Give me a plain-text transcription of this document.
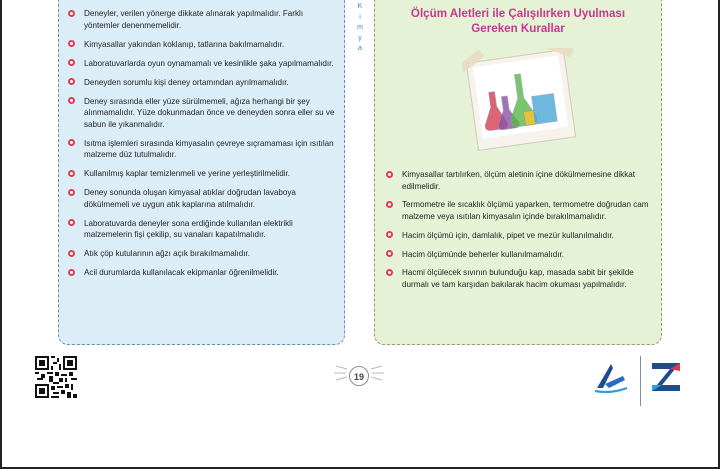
Deneyler, verilen yönerge dikkate alınarak yapılmalıdır. Farklı yöntemler denenmemelidir.
Kimyasallar yakından koklanıp, tatlarına bakılmamalıdır.
Laboratuvarlarda oyun oynamamalı ve kesinlikle şaka yapılmamalıdır.
Deneyden sorumlu kişi deney ortamından ayrılmamalıdır.
Deney sırasında eller yüze sürülmemeli, ağıza herhangi bir şey alınmamalıdır. Yüze dokunmadan önce ve deneyden sonra eller su ve sabun ile yıkanmalıdır.
Isıtma işlemleri sırasında kimyasalın çevreye sıçramaması için ısıtılan malzeme düz tutulmalıdır.
Kullanılmış kaplar temizlenmeli ve yerine yerleştirilmelidir.
Deney sonunda oluşan kimyasal atıklar doğrudan lavaboya dökülmemeli ve uygun atık kaplarına atılmalıdır.
Laboratuvarda deneyler sona erdiğinde kullanılan elektrikli malzemelerin fişi çekilip, su vanaları kapatılmalıdır.
Atık çöp kutularının ağzı açık bırakılmamalıdır.
Acil durumlarda kullanılacak ekipmanlar öğrenilmelidir.
K
i
m
y
a
Ölçüm Aletleri ile Çalışılırken Uyulması
Gereken Kurallar
Kimyasallar tartılırken, ölçüm aletinin içine dökülmemesine dikkat edilmelidir.
Termometre ile sıcaklık ölçümü yaparken, termometre doğrudan cam malzeme veya ısıtılan kimyasalın içinde bırakılmamalıdır.
Hacim ölçümü için, damlalık, pipet ve mezür kullanılmalıdır.
Hacim ölçümünde beherler kullanılmamalıdır.
Hacmi ölçülecek sıvının bulunduğu kap, masada sabit bir şekilde durmalı ve tam karşıdan bakılarak hacim okuması yapılmalıdır.
19
